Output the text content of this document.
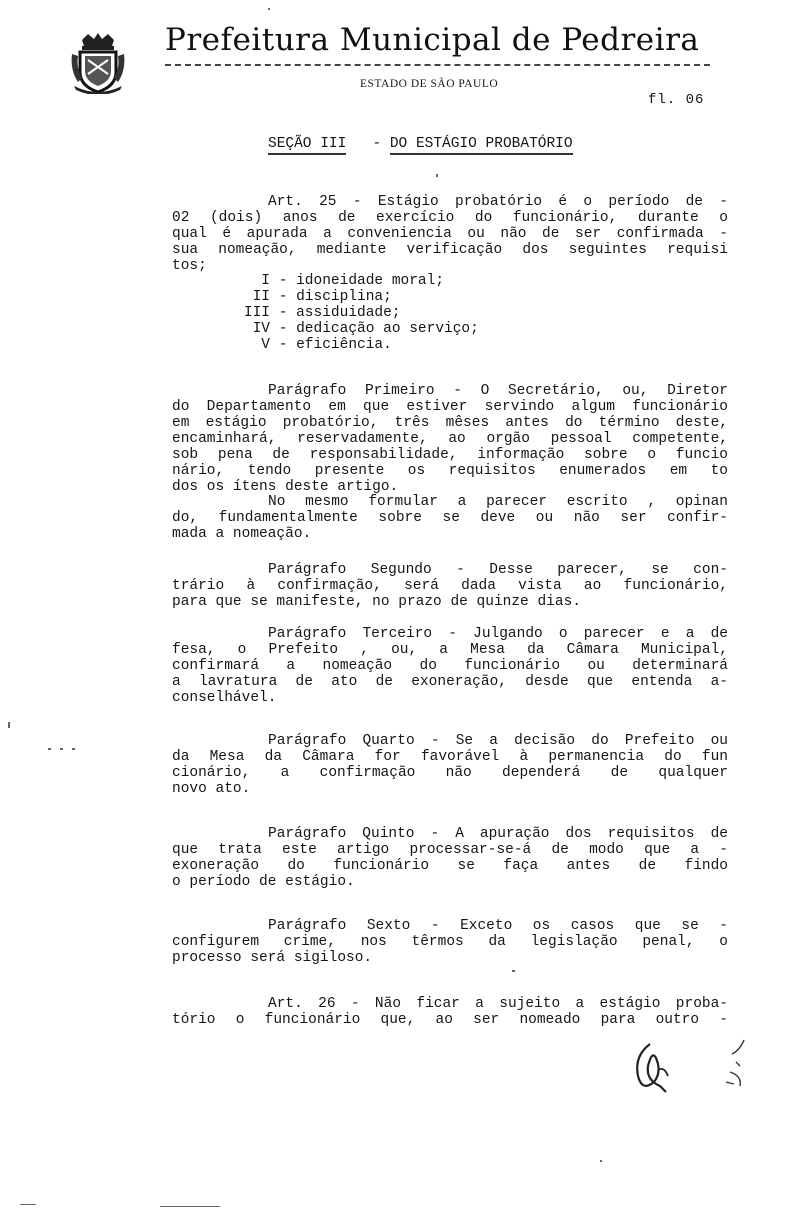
Prefeitura Municipal de Pedreira
ESTADO DE SÃO PAULO
fl. 06
SEÇÃO III - DO ESTÁGIO PROBATÓRIO
Art. 25 - Estágio probatório é o período de -
02 (dois) anos de exercício do funcionário, durante o
qual é apurada a conveniencia ou não de ser confirmada -
sua nomeação, mediante verificação dos seguintes requisi
tos;
I - idoneidade moral;
II - disciplina;
III - assiduidade;
IV - dedicação ao serviço;
V - eficiência.
Parágrafo Primeiro - O Secretário, ou, Diretor
do Departamento em que estiver servindo algum funcionário
em estágio probatório, três mêses antes do término deste,
encaminhará, reservadamente, ao orgão pessoal competente,
sob pena de responsabilidade, informação sobre o funcio
nário, tendo presente os requisitos enumerados em to
dos os ítens deste artigo.
No mesmo formular a parecer escrito , opinan
do, fundamentalmente sobre se deve ou não ser confir-
mada a nomeação.
Parágrafo Segundo - Desse parecer, se con-
trário à confirmação, será dada vista ao funcionário,
para que se manifeste, no prazo de quinze dias.
Parágrafo Terceiro - Julgando o parecer e a de
fesa, o Prefeito , ou, a Mesa da Câmara Municipal,
confirmará a nomeação do funcionário ou determinará
a lavratura de ato de exoneração, desde que entenda a-
conselhável.
Parágrafo Quarto - Se a decisão do Prefeito ou
da Mesa da Câmara for favorável à permanencia do fun
cionário, a confirmação não dependerá de qualquer
novo ato.
Parágrafo Quinto - A apuração dos requisitos de
que trata este artigo processar-se-á de modo que a -
exoneração do funcionário se faça antes de findo
o período de estágio.
Parágrafo Sexto - Exceto os casos que se -
configurem crime, nos têrmos da legislação penal, o
processo será sigiloso.
Art. 26 - Não ficar a sujeito a estágio proba-
tório o funcionário que, ao ser nomeado para outro -
